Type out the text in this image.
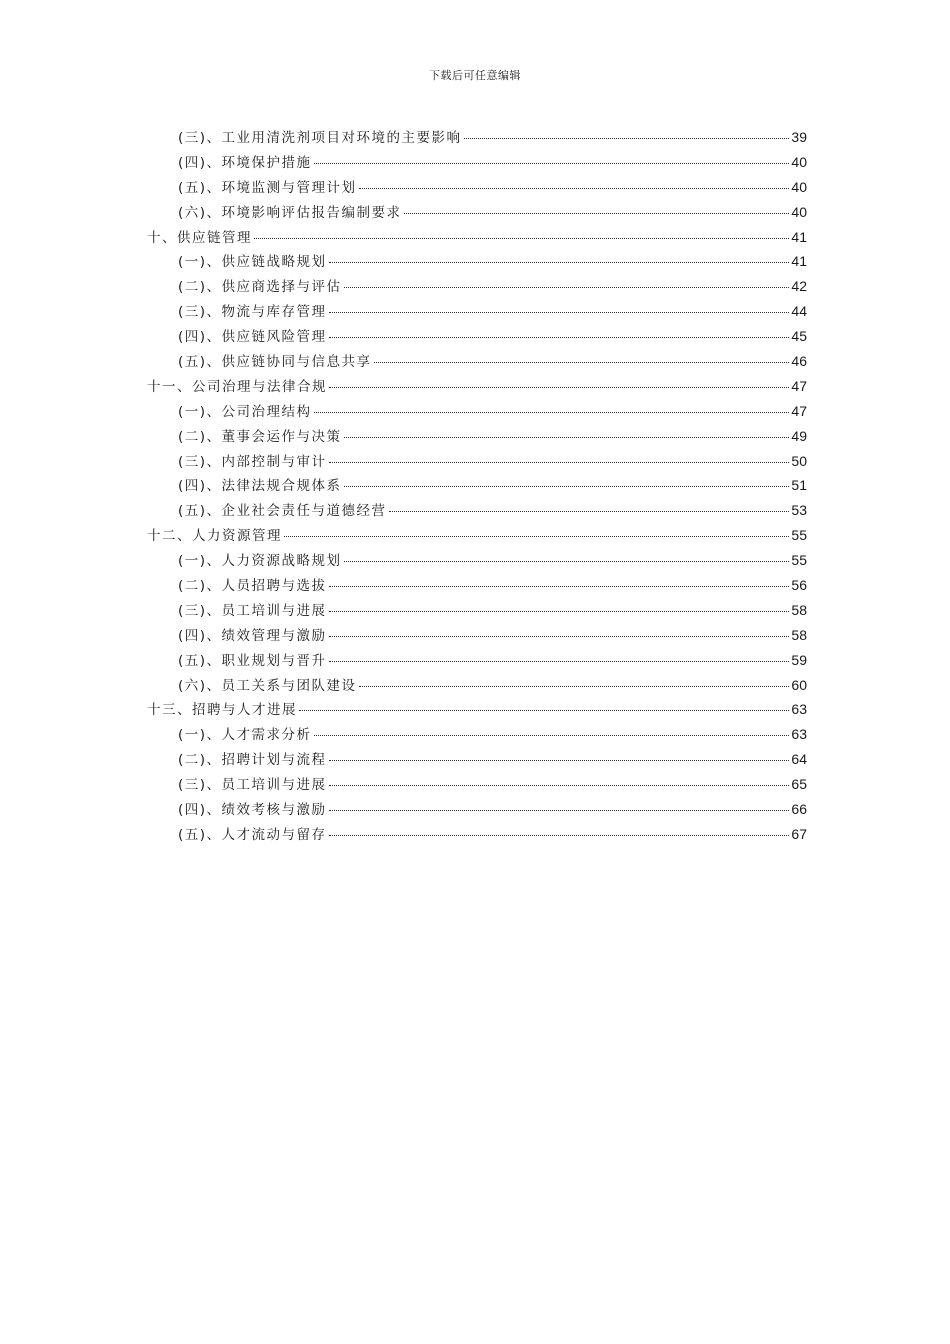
下载后可任意编辑
(三)、工业用清洗剂项目对环境的主要影响	39
(四)、环境保护措施	40
(五)、环境监测与管理计划	40
(六)、环境影响评估报告编制要求	40
十、供应链管理	41
(一)、供应链战略规划	41
(二)、供应商选择与评估	42
(三)、物流与库存管理	44
(四)、供应链风险管理	45
(五)、供应链协同与信息共享	46
十一、公司治理与法律合规	47
(一)、公司治理结构	47
(二)、董事会运作与决策	49
(三)、内部控制与审计	50
(四)、法律法规合规体系	51
(五)、企业社会责任与道德经营	53
十二、人力资源管理	55
(一)、人力资源战略规划	55
(二)、人员招聘与选拔	56
(三)、员工培训与进展	58
(四)、绩效管理与激励	58
(五)、职业规划与晋升	59
(六)、员工关系与团队建设	60
十三、招聘与人才进展	63
(一)、人才需求分析	63
(二)、招聘计划与流程	64
(三)、员工培训与进展	65
(四)、绩效考核与激励	66
(五)、人才流动与留存	67
